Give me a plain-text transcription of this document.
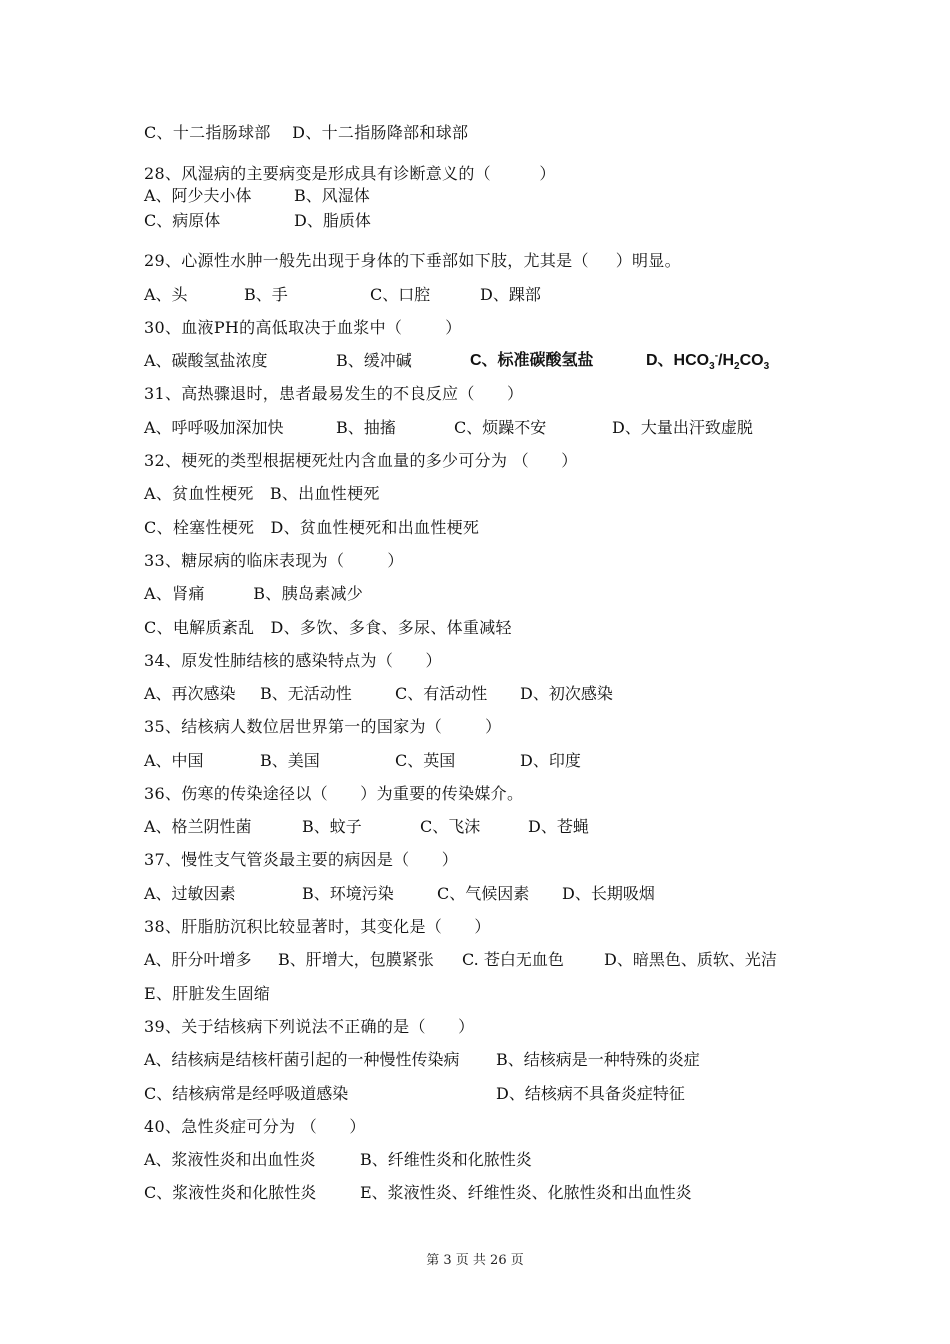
C、十二指肠球部    D、十二指肠降部和球部
28、风湿病的主要病变是形成具有诊断意义的（         ）
A、阿少夫小体	B、风湿体
C、病原体	D、脂质体
29、心源性水肿一般先出现于身体的下垂部如下肢，尤其是（     ）明显。
A、头	B、手	C、口腔	D、踝部
30、血液PH的高低取决于血浆中（        ）
A、碳酸氢盐浓度	B、缓冲碱	C、标准碳酸氢盐	D、$HCO_3^-/H_2CO_3$
31、高热骤退时，患者最易发生的不良反应（      ）
A、呼呼吸加深加快	B、抽搐	C、烦躁不安	D、大量出汗致虚脱
32、梗死的类型根据梗死灶内含血量的多少可分为 （      ）
A、贫血性梗死   B、出血性梗死
C、栓塞性梗死   D、贫血性梗死和出血性梗死
33、糖尿病的临床表现为（        ）
A、肾痛         B、胰岛素减少
C、电解质紊乱   D、多饮、多食、多尿、体重减轻
34、原发性肺结核的感染特点为（      ）
A、再次感染 B、无活动性	C、有活动性 D、初次感染
35、结核病人数位居世界第一的国家为（        ）
A、中国	B、美国	C、英国	D、印度
36、伤寒的传染途径以（      ）为重要的传染媒介。
A、格兰阴性菌	B、蚊子	C、飞沫	D、苍蝇
37、慢性支气管炎最主要的病因是（      ）
A、过敏因素	B、环境污染	C、气候因素 D、长期吸烟
38、肝脂肪沉积比较显著时，其变化是（      ）
A、肝分叶增多 B、肝增大，包膜紧张 C. 苍白无血色	D、暗黑色、质软、光洁
E、肝脏发生固缩
39、关于结核病下列说法不正确的是（      ）
A、结核病是结核杆菌引起的一种慢性传染病 B、结核病是一种特殊的炎症
C、结核病常是经呼吸道感染	D、结核病不具备炎症特征
40、急性炎症可分为 （      ）
A、浆液性炎和出血性炎	B、纤维性炎和化脓性炎
C、浆液性炎和化脓性炎	E、浆液性炎、纤维性炎、化脓性炎和出血性炎
第 3 页 共 26 页
